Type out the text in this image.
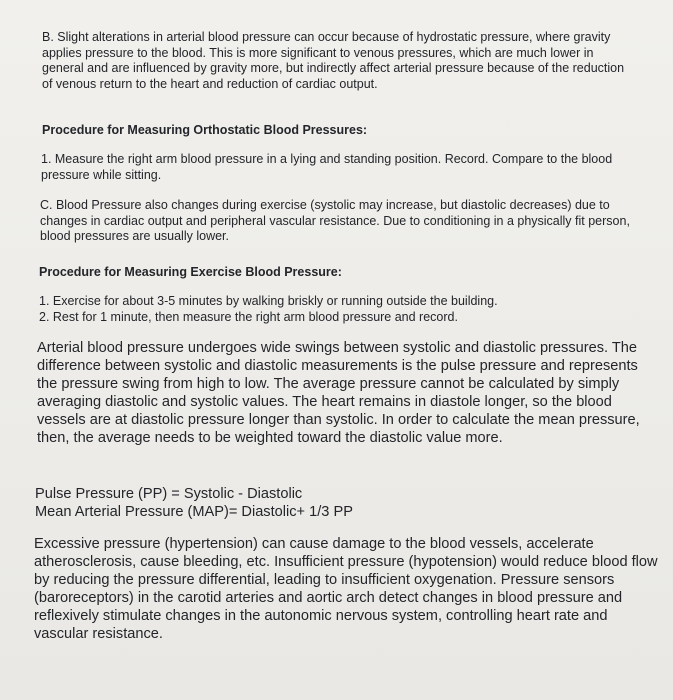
B. Slight alterations in arterial blood pressure can occur because of hydrostatic pressure, where gravity applies pressure to the blood. This is more significant to venous pressures, which are much lower in general and are influenced by gravity more, but indirectly affect arterial pressure because of the reduction of venous return to the heart and reduction of cardiac output.

Procedure for Measuring Orthostatic Blood Pressures:

1. Measure the right arm blood pressure in a lying and standing position. Record. Compare to the blood pressure while sitting.

C. Blood Pressure also changes during exercise (systolic may increase, but diastolic decreases) due to changes in cardiac output and peripheral vascular resistance. Due to conditioning in a physically fit person, blood pressures are usually lower.

Procedure for Measuring Exercise Blood Pressure:

1. Exercise for about 3-5 minutes by walking briskly or running outside the building.
2. Rest for 1 minute, then measure the right arm blood pressure and record.

Arterial blood pressure undergoes wide swings between systolic and diastolic pressures. The difference between systolic and diastolic measurements is the pulse pressure and represents the pressure swing from high to low. The average pressure cannot be calculated by simply averaging diastolic and systolic values. The heart remains in diastole longer, so the blood vessels are at diastolic pressure longer than systolic. In order to calculate the mean pressure, then, the average needs to be weighted toward the diastolic value more.

Pulse Pressure (PP) = Systolic - Diastolic
Mean Arterial Pressure (MAP)= Diastolic+ 1/3 PP

Excessive pressure (hypertension) can cause damage to the blood vessels, accelerate atherosclerosis, cause bleeding, etc. Insufficient pressure (hypotension) would reduce blood flow by reducing the pressure differential, leading to insufficient oxygenation. Pressure sensors (baroreceptors) in the carotid arteries and aortic arch detect changes in blood pressure and reflexively stimulate changes in the autonomic nervous system, controlling heart rate and vascular resistance.
